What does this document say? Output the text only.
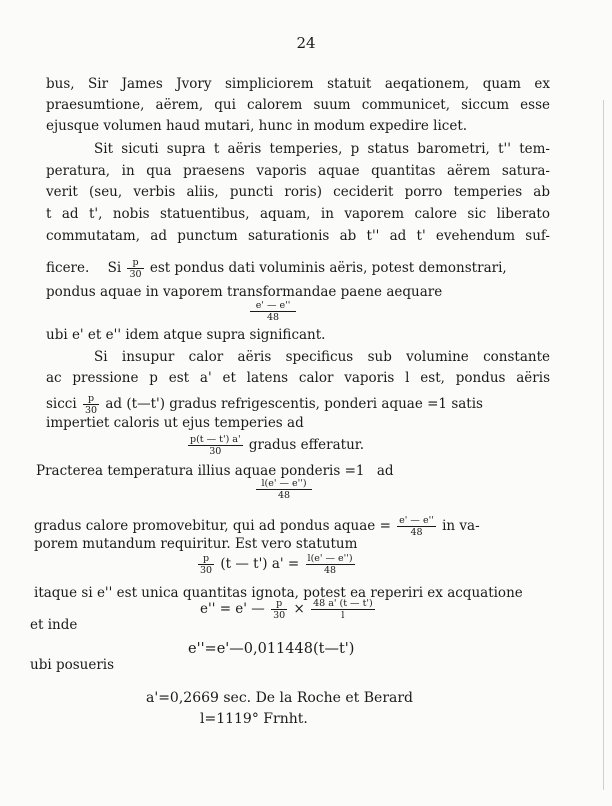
24
bus, Sir James Jvory simpliciorem statuit aeqationem, quam ex
praesumtione, aërem, qui calorem suum communicet, siccum esse
ejusque volumen haud mutari, hunc in modum expedire licet.
Sit sicuti supra t aëris temperies, p status barometri, t'' tem-
peratura, in qua praesens vaporis aquae quantitas aërem satura-
verit (seu, verbis aliis, puncti roris) ceciderit porro temperies ab
t ad t', nobis statuentibus, aquam, in vaporem calore sic liberato
commutatam, ad punctum saturationis ab t'' ad t' evehendum suf-
ficere. Si $\frac{p}{30}$ est pondus dati voluminis aëris, potest demonstrari,
pondus aquae in vaporem transformandae paene aequare
$\frac{e' — e''}{48}$
ubi e' et e'' idem atque supra significant.
Si insupur calor aëris specificus sub volumine constante
ac pressione p est a' et latens calor vaporis l est, pondus aëris
sicci $\frac{p}{30}$ ad (t—t') gradus refrigescentis, ponderi aquae =1 satis
impertiet caloris ut ejus temperies ad
$\frac{p(t — t') a'}{30}$ gradus efferatur.
Practerea temperatura illius aquae ponderis =1 ad
$\frac{l(e' — e'')}{48}$
gradus calore promovebitur, qui ad pondus aquae = $\frac{e' — e''}{48}$ in va-
porem mutandum requiritur. Est vero statutum
$\frac{p}{30} (t$ — t') $a' = \frac{l(e' — e'')}{48}$
itaque si e'' est unica quantitas ignota, potest ea reperiri ex acquatione
e'' = e' — $\frac{p}{30} \times \frac{48 a' (t — t')}{l}$
et inde
e''=e'—0,011448(t—t')
ubi posueris
a'=0,2669 sec. De la Roche et Berard
l=1119° Frnht.
